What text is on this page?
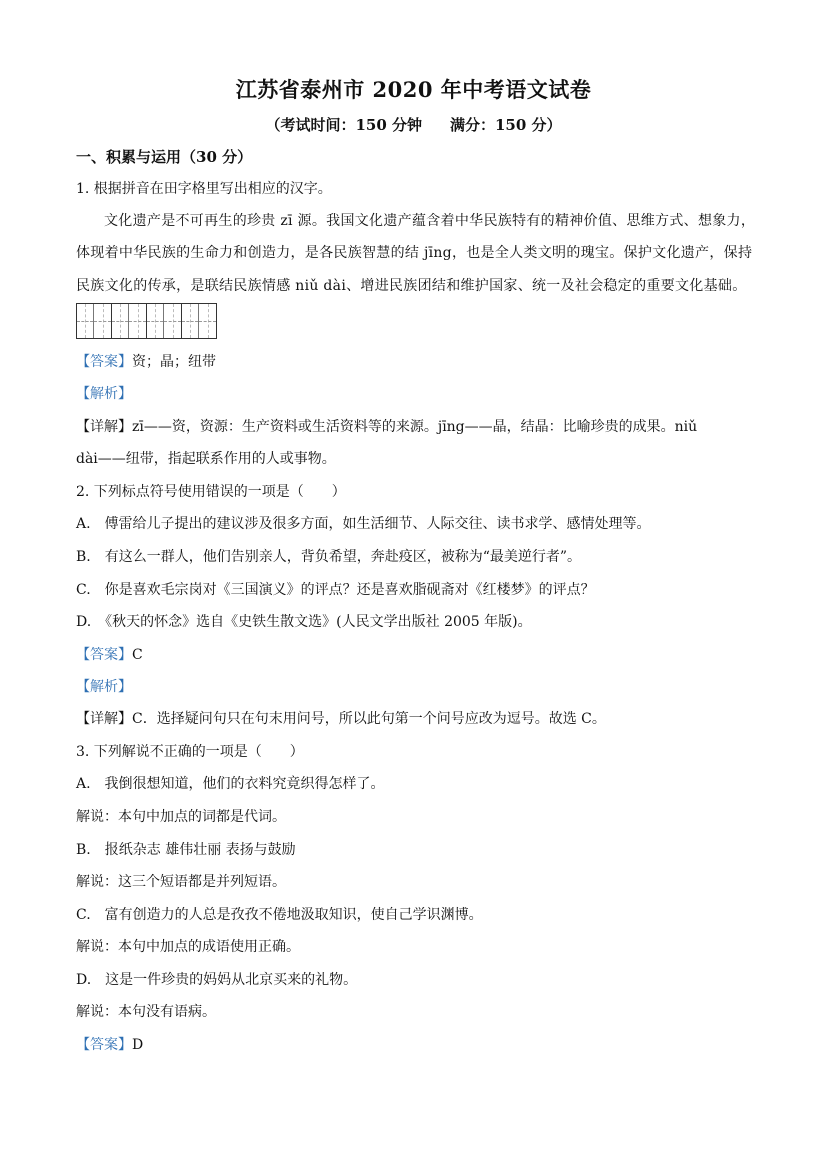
江苏省泰州市 2020 年中考语文试卷
（考试时间：150 分钟 满分：150 分）
一、积累与运用（30 分）
1. 根据拼音在田字格里写出相应的汉字。
文化遗产是不可再生的珍贵 zī 源。我国文化遗产蕴含着中华民族特有的精神价值、思维方式、想象力，
体现着中华民族的生命力和创造力，是各民族智慧的结 jīng，也是全人类文明的瑰宝。保护文化遗产，保持
民族文化的传承，是联结民族情感 niǔ dài、增进民族团结和维护国家、统一及社会稳定的重要文化基础。
【答案】资；晶；纽带
【解析】
【详解】zī——资，资源：生产资料或生活资料等的来源。jīng——晶，结晶：比喻珍贵的成果。niǔ
dài——纽带，指起联系作用的人或事物。
2. 下列标点符号使用错误的一项是（　　）
A.　傅雷给儿子提出的建议涉及很多方面，如生活细节、人际交往、读书求学、感情处理等。
B.　有这么一群人，他们告别亲人，背负希望，奔赴疫区，被称为“最美逆行者”。
C.　你是喜欢毛宗岗对《三国演义》的评点？还是喜欢脂砚斋对《红楼梦》的评点？
D.　《秋天的怀念》选自《史铁生散文选》(人民文学出版社 2005 年版)。
【答案】C
【解析】
【详解】C．选择疑问句只在句末用问号，所以此句第一个问号应改为逗号。故选 C。
3. 下列解说不正确的一项是（　　）
A.　我倒很想知道，他们的衣料究竟织得怎样了。
解说：本句中加点的词都是代词。
B.　报纸杂志 雄伟壮丽 表扬与鼓励
解说：这三个短语都是并列短语。
C.　富有创造力的人总是孜孜不倦地汲取知识，使自己学识渊博。
解说：本句中加点的成语使用正确。
D.　这是一件珍贵的妈妈从北京买来的礼物。
解说：本句没有语病。
【答案】D
